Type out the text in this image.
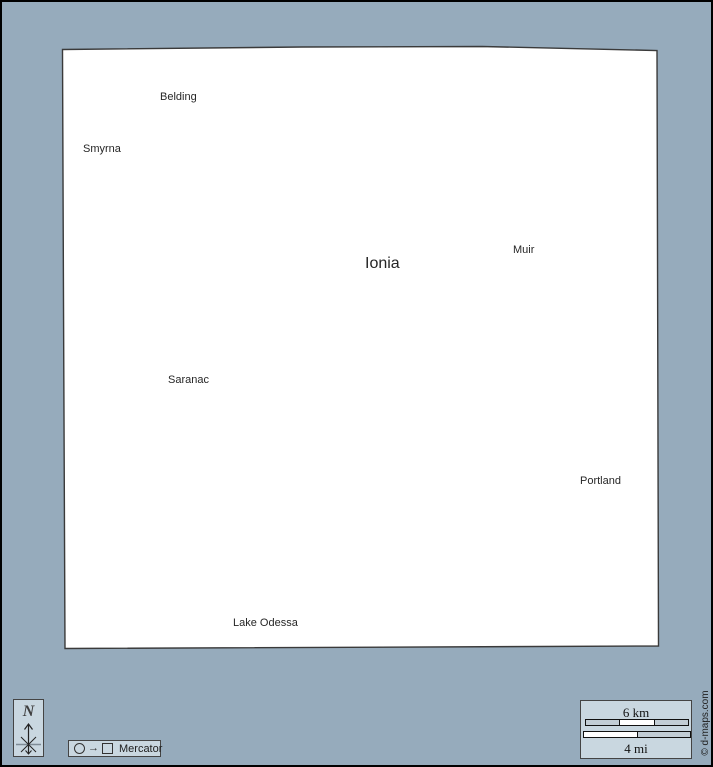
Belding
Smyrna
Ionia
Muir
Saranac
Portland
Lake Odessa
N
→ Mercator
6 km
4 mi	© d-maps.com
